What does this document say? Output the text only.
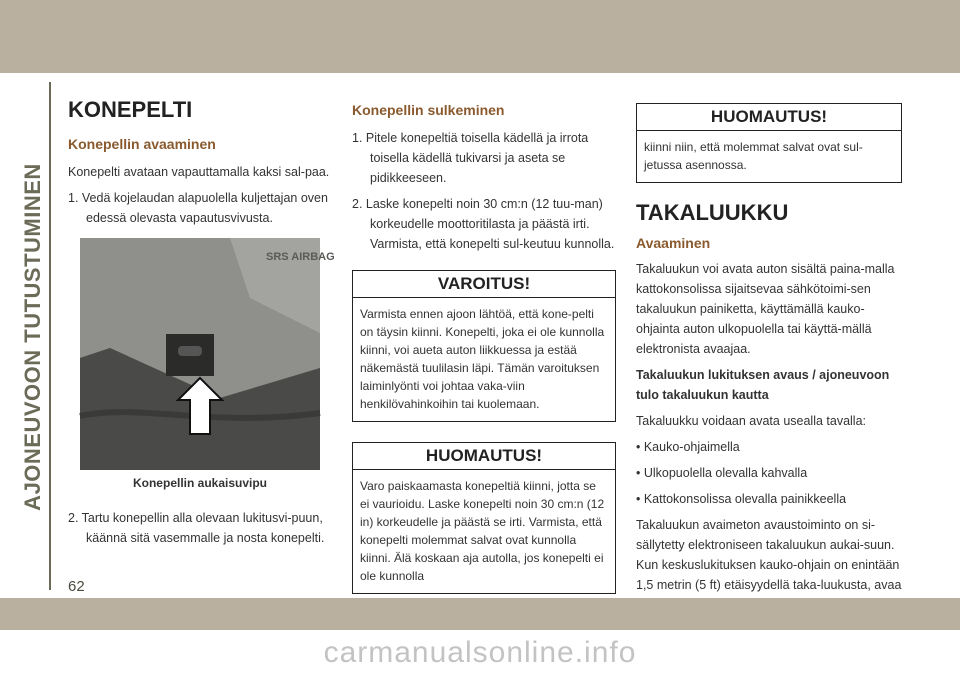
AJONEUVOON TUTUSTUMINEN
KONEPELTI
Konepellin avaaminen

Konepelti avataan vapauttamalla kaksi sal-paa.

1. Vedä kojelaudan alapuolella kuljettajan oven edessä olevasta vapautusvivusta.
SRS AIRBAG
Konepellin aukaisuvipu
2. Tartu konepellin alla olevaan lukitusvi-puun, käännä sitä vasemmalle ja nosta konepelti.
Konepellin sulkeminen
1. Pitele konepeltiä toisella kädellä ja irrota toisella kädellä tukivarsi ja aseta se pidikkeeseen.
2. Laske konepelti noin 30 cm:n (12 tuu-man) korkeudelle moottoritilasta ja päästä irti. Varmista, että konepelti sul-keutuu kunnolla.
VAROITUS!
Varmista ennen ajoon lähtöä, että kone-pelti on täysin kiinni. Konepelti, joka ei ole kunnolla kiinni, voi aueta auton liikkuessa ja estää näkemästä tuulilasin läpi. Tämän varoituksen laiminlyönti voi johtaa vaka-viin henkilövahinkoihin tai kuolemaan.
HUOMAUTUS!
Varo paiskaamasta konepeltiä kiinni, jotta se ei vaurioidu. Laske konepelti noin 30 cm:n (12 in) korkeudelle ja päästä se irti. Varmista, että konepelti molemmat salvat ovat kunnolla kiinni. Älä koskaan aja autolla, jos konepelti ei ole kunnolla
HUOMAUTUS!
kiinni niin, että molemmat salvat ovat sul-jetussa asennossa.
TAKALUUKKU
Avaaminen

Takaluukun voi avata auton sisältä paina-malla kattokonsolissa sijaitsevaa sähkötoimi-sen takaluukun painiketta, käyttämällä kauko-ohjainta auton ulkopuolella tai käyttä-mällä elektronista avaajaa.

Takaluukun lukituksen avaus / ajoneuvoon tulo takaluukun kautta

Takaluukku voidaan avata usealla tavalla:

• Kauko-ohjaimella

• Ulkopuolella olevalla kahvalla

• Kattokonsolissa olevalla painikkeella

Takaluukun avaimeton avaustoiminto on si-sällytetty elektroniseen takaluukun aukai-suun. Kun keskuslukituksen kauko-ohjain on enintään 1,5 metrin (5 ft) etäisyydellä taka-luukusta, avaa

62
carmanualsonline.info
